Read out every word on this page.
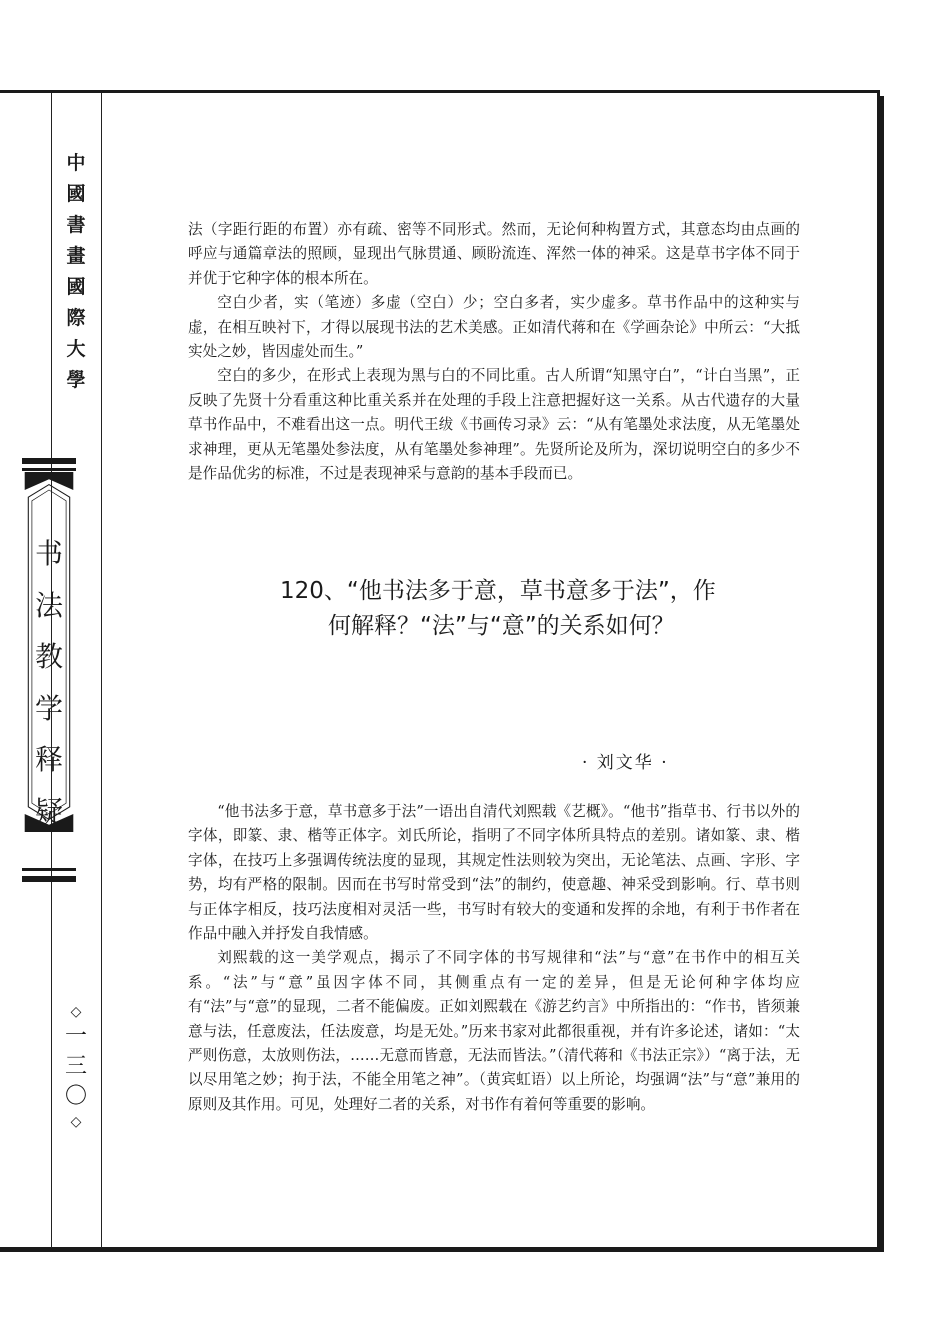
中
國
書
畫
國
際
大
學
书
法
教
学
释
疑
◇
一
三
〇
◇

法（字距行距的布置）亦有疏、密等不同形式。然而，无论何种构置方式，其意态均由点画的呼应与通篇章法的照顾，显现出气脉贯通、顾盼流连、浑然一体的神采。这是草书字体不同于并优于它种字体的根本所在。

空白少者，实（笔迹）多虚（空白）少；空白多者，实少虚多。草书作品中的这种实与虚，在相互映衬下，才得以展现书法的艺术美感。正如清代蒋和在《学画杂论》中所云：“大抵实处之妙，皆因虚处而生。”

空白的多少，在形式上表现为黑与白的不同比重。古人所谓“知黑守白”，“计白当黑”，正反映了先贤十分看重这种比重关系并在处理的手段上注意把握好这一关系。从古代遗存的大量草书作品中，不难看出这一点。明代王绂《书画传习录》云：“从有笔墨处求法度，从无笔墨处求神理，更从无笔墨处参法度，从有笔墨处参神理”。先贤所论及所为，深切说明空白的多少不是作品优劣的标准，不过是表现神采与意韵的基本手段而已。

120、“他书法多于意，草书意多于法”，作
何解释？“法”与“意”的关系如何？
· 刘文华 ·

“他书法多于意，草书意多于法”一语出自清代刘熙载《艺概》。“他书”指草书、行书以外的字体，即篆、隶、楷等正体字。刘氏所论，指明了不同字体所具特点的差别。诸如篆、隶、楷字体，在技巧上多强调传统法度的显现，其规定性法则较为突出，无论笔法、点画、字形、字势，均有严格的限制。因而在书写时常受到“法”的制约，使意趣、神采受到影响。行、草书则与正体字相反，技巧法度相对灵活一些，书写时有较大的变通和发挥的余地，有利于书作者在作品中融入并抒发自我情感。

刘熙载的这一美学观点，揭示了不同字体的书写规律和“法”与“意”在书作中的相互关系。“法”与“意”虽因字体不同，其侧重点有一定的差异，但是无论何种字体均应有“法”与“意”的显现，二者不能偏废。正如刘熙载在《游艺约言》中所指出的：“作书，皆须兼意与法，任意废法，任法废意，均是无处。”历来书家对此都很重视，并有许多论述，诸如：“太严则伤意，太放则伤法，……无意而皆意，无法而皆法。”（清代蒋和《书法正宗》）“离于法，无以尽用笔之妙；拘于法，不能全用笔之神”。（黄宾虹语）以上所论，均强调“法”与“意”兼用的原则及其作用。可见，处理好二者的关系，对书作有着何等重要的影响。
